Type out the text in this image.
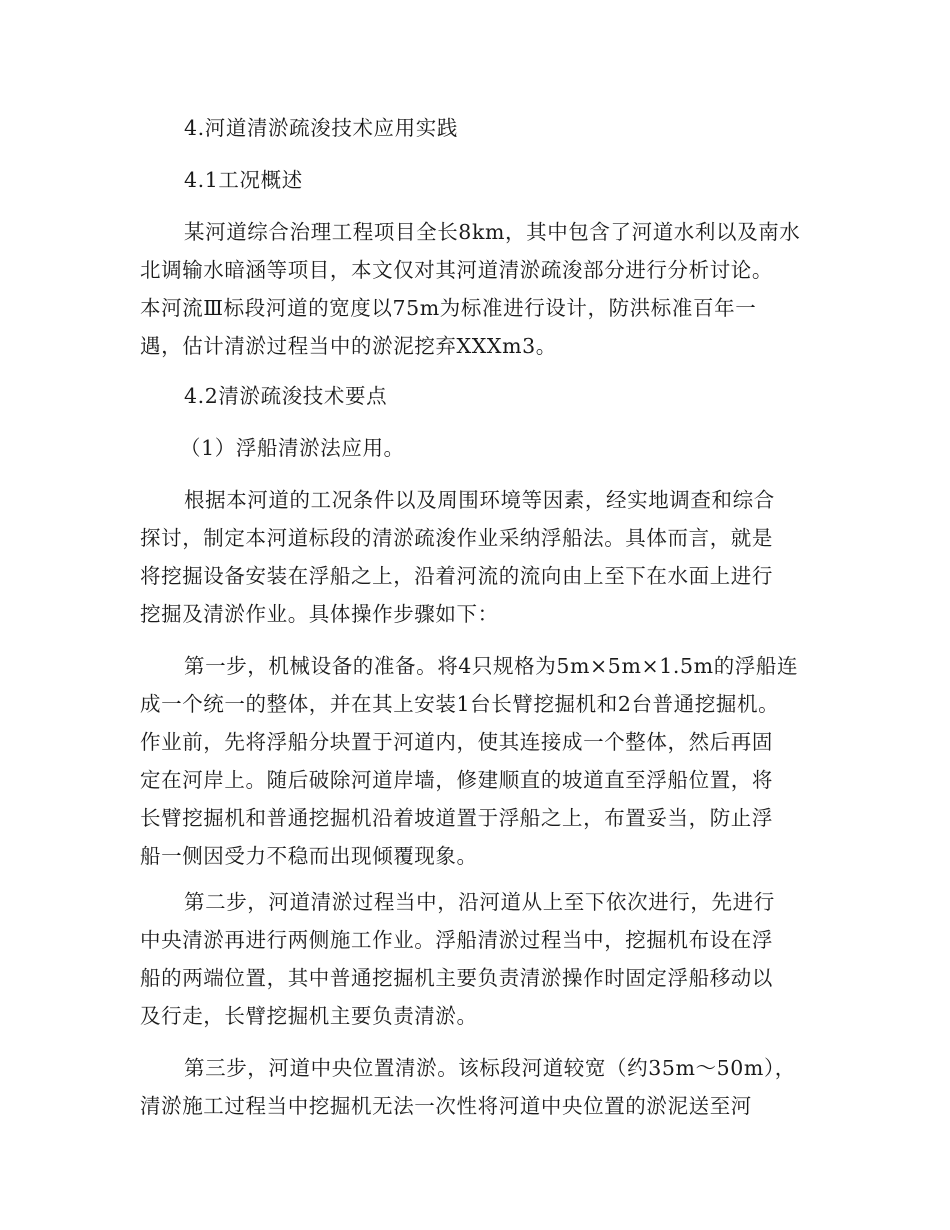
4.河道清淤疏浚技术应用实践
4.1工况概述
某河道综合治理工程项目全长8km，其中包含了河道水利以及南水
北调输水暗涵等项目，本文仅对其河道清淤疏浚部分进行分析讨论。
本河流Ⅲ标段河道的宽度以75m为标准进行设计，防洪标准百年一
遇，估计清淤过程当中的淤泥挖弃XXXm3。
4.2清淤疏浚技术要点
（1）浮船清淤法应用。
根据本河道的工况条件以及周围环境等因素，经实地调查和综合
探讨，制定本河道标段的清淤疏浚作业采纳浮船法。具体而言，就是
将挖掘设备安装在浮船之上，沿着河流的流向由上至下在水面上进行
挖掘及清淤作业。具体操作步骤如下：
第一步，机械设备的准备。将4只规格为5m×5m×1.5m的浮船连
成一个统一的整体，并在其上安装1台长臂挖掘机和2台普通挖掘机。
作业前，先将浮船分块置于河道内，使其连接成一个整体，然后再固
定在河岸上。随后破除河道岸墙，修建顺直的坡道直至浮船位置，将
长臂挖掘机和普通挖掘机沿着坡道置于浮船之上，布置妥当，防止浮
船一侧因受力不稳而出现倾覆现象。
第二步，河道清淤过程当中，沿河道从上至下依次进行，先进行
中央清淤再进行两侧施工作业。浮船清淤过程当中，挖掘机布设在浮
船的两端位置，其中普通挖掘机主要负责清淤操作时固定浮船移动以
及行走，长臂挖掘机主要负责清淤。
第三步，河道中央位置清淤。该标段河道较宽（约35m～50m），
清淤施工过程当中挖掘机无法一次性将河道中央位置的淤泥送至河
